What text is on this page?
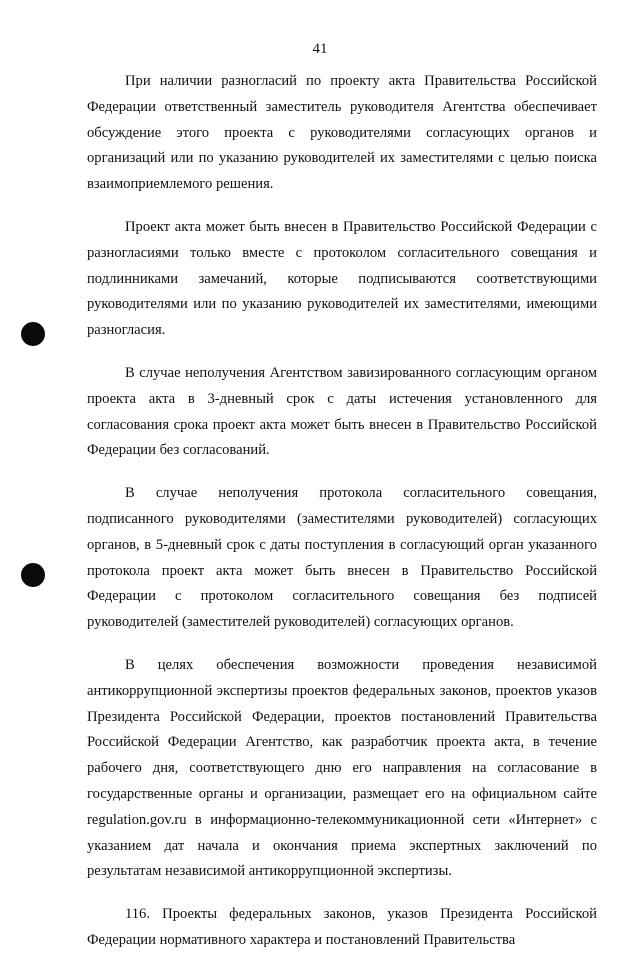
41

При наличии разногласий по проекту акта Правительства Российской Федерации ответственный заместитель руководителя Агентства обеспечивает обсуждение этого проекта с руководителями согласующих органов и организаций или по указанию руководителей их заместителями с целью поиска взаимоприемлемого решения.

Проект акта может быть внесен в Правительство Российской Федерации с разногласиями только вместе с протоколом согласительного совещания и подлинниками замечаний, которые подписываются соответствующими руководителями или по указанию руководителей их заместителями, имеющими разногласия.

В случае неполучения Агентством завизированного согласующим органом проекта акта в 3-дневный срок с даты истечения установленного для согласования срока проект акта может быть внесен в Правительство Российской Федерации без согласований.

В случае неполучения протокола согласительного совещания, подписанного руководителями (заместителями руководителей) согласующих органов, в 5-дневный срок с даты поступления в согласующий орган указанного протокола проект акта может быть внесен в Правительство Российской Федерации с протоколом согласительного совещания без подписей руководителей (заместителей руководителей) согласующих органов.

В целях обеспечения возможности проведения независимой антикоррупционной экспертизы проектов федеральных законов, проектов указов Президента Российской Федерации, проектов постановлений Правительства Российской Федерации Агентство, как разработчик проекта акта, в течение рабочего дня, соответствующего дню его направления на согласование в государственные органы и организации, размещает его на официальном сайте regulation.gov.ru в информационно-телекоммуникационной сети «Интернет» с указанием дат начала и окончания приема экспертных заключений по результатам независимой антикоррупционной экспертизы.

116. Проекты федеральных законов, указов Президента Российской Федерации нормативного характера и постановлений Правительства
